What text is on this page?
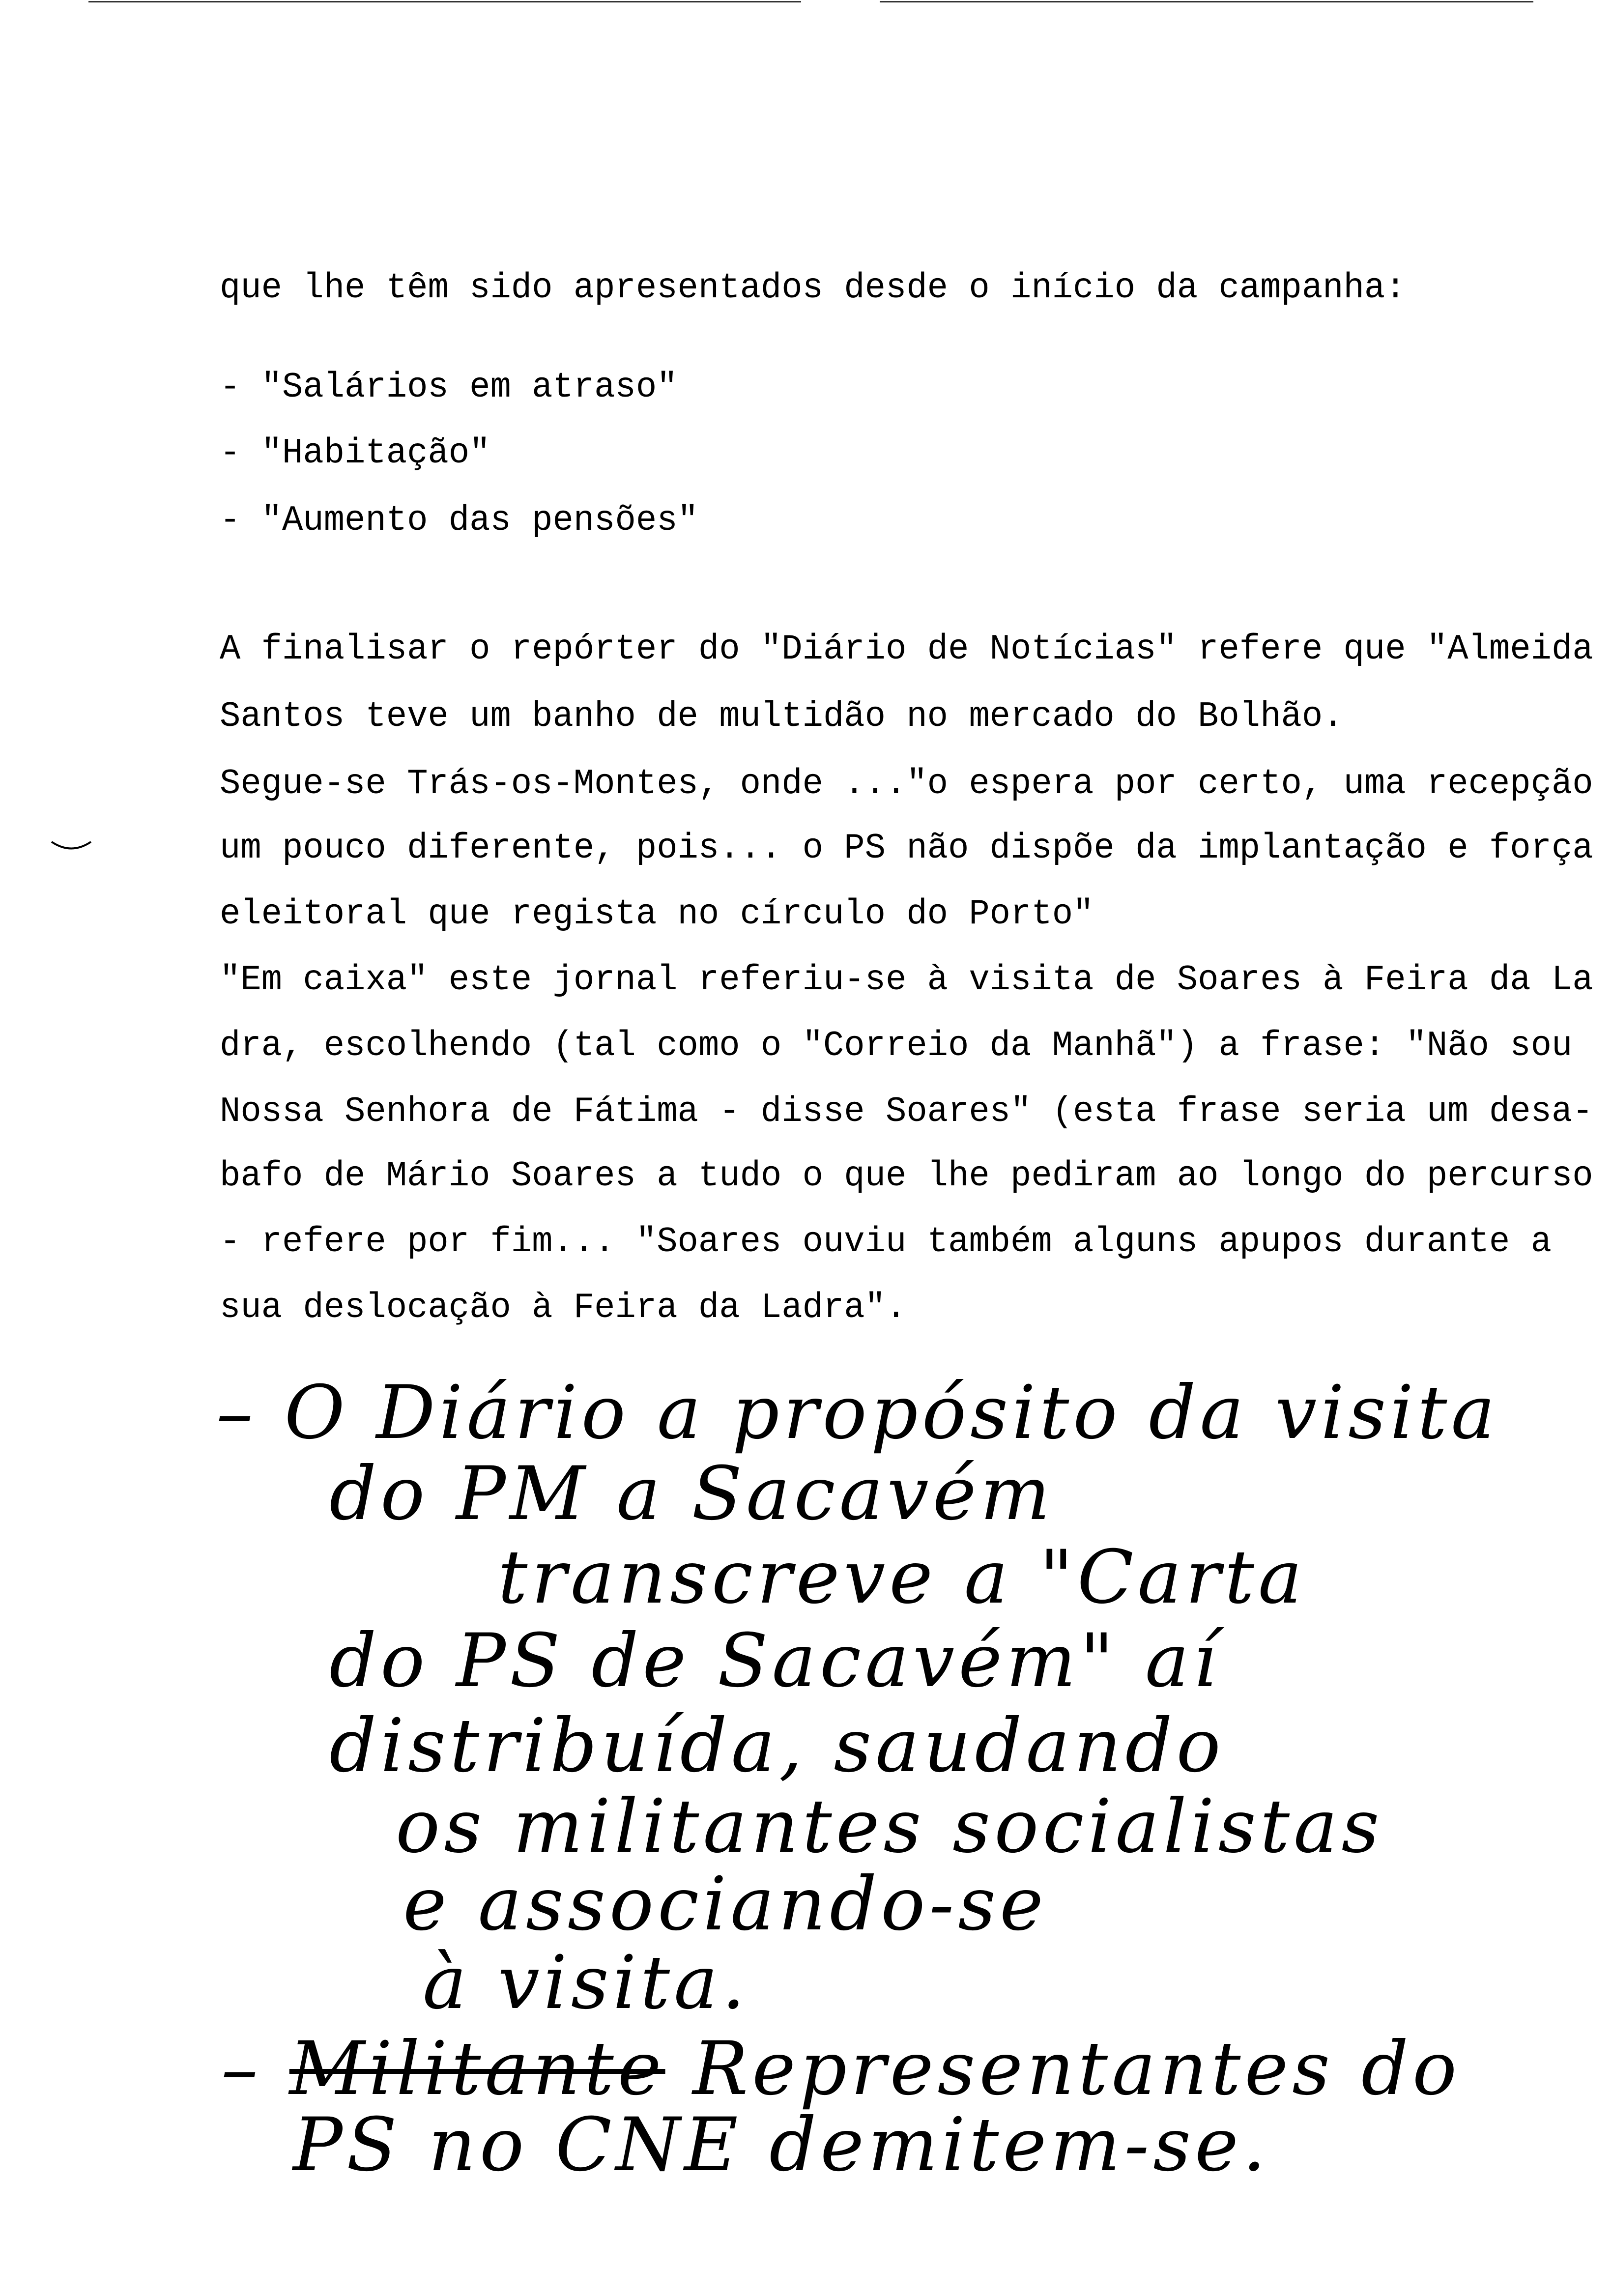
que lhe têm sido apresentados desde o início da campanha:
- "Salários em atraso"
- "Habitação"
- "Aumento das pensões"
A finalisar o repórter do "Diário de Notícias" refere que "Almeida
Santos teve um banho de multidão no mercado do Bolhão.
Segue-se Trás-os-Montes, onde ..."o espera por certo, uma recepção
um pouco diferente, pois... o PS não dispõe da implantação e força
eleitoral que regista no círculo do Porto"
"Em caixa" este jornal referiu-se à visita de Soares à Feira da La
dra, escolhendo (tal como o "Correio da Manhã") a frase: "Não sou
Nossa Senhora de Fátima - disse Soares" (esta frase seria um desa-
bafo de Mário Soares a tudo o que lhe pediram ao longo do percurso
- refere por fim... "Soares ouviu também alguns apupos durante a
sua deslocação à Feira da Ladra".
– O Diário a propósito da visita
do PM a Sacavém
transcreve a "Carta
do PS de Sacavém" aí
distribuída, saudando
os militantes socialistas
e associando-se
à visita.
– Militante Representantes do
PS no CNE demitem-se.
